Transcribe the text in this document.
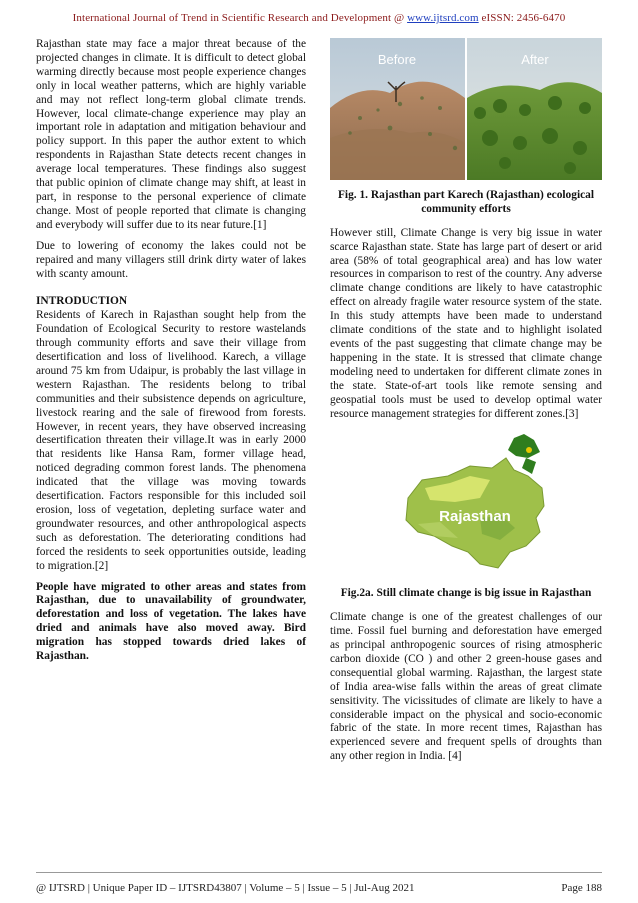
International Journal of Trend in Scientific Research and Development @ www.ijtsrd.com eISSN: 2456-6470

Rajasthan state may face a major threat because of the projected changes in climate. It is difficult to detect global warming directly because most people experience changes only in local weather patterns, which are highly variable and may not reflect long-term global climate trends. However, local climate-change experience may play an important role in adaptation and mitigation behaviour and policy support. In this paper the author extent to which respondents in Rajasthan State detects recent changes in average local temperatures. These findings also suggest that public opinion of climate change may shift, at least in part, in response to the personal experience of climate change. Most of people reported that climate is changing and everybody will suffer due to its near future.[1]

Due to lowering of economy the lakes could not be repaired and many villagers still drink dirty water of lakes with scanty amount.

INTRODUCTION

Residents of Karech in Rajasthan sought help from the Foundation of Ecological Security to restore wastelands through community efforts and save their village from desertification and loss of livelihood. Karech, a village around 75 km from Udaipur, is probably the last village in western Rajasthan. The residents belong to tribal communities and their subsistence depends on agriculture, livestock rearing and the sale of firewood from forests. However, in recent years, they have observed increasing desertification threaten their village.It was in early 2000 that residents like Hansa Ram, former village head, noticed degrading common forest lands. The phenomena indicated that the village was moving towards desertification. Factors responsible for this included soil erosion, loss of vegetation, depleting surface water and groundwater resources, and other anthropological aspects such as deforestation. The deteriorating conditions had forced the residents to seek opportunities outside, leading to migration.[2]

People have migrated to other areas and states from Rajasthan, due to unavailability of groundwater, deforestation and loss of vegetation. The lakes have dried and animals have also moved away. Bird migration has stopped towards dried lakes of Rajasthan.

Before	After
Fig. 1. Rajasthan part Karech (Rajasthan) ecological community efforts

However still, Climate Change is very big issue in water scarce Rajasthan state. State has large part of desert or arid area (58% of total geographical area) and has low water resources in comparison to rest of the country. Any adverse climate change conditions are likely to have catastrophic effect on already fragile water resource system of the state. In this study attempts have been made to understand climate conditions of the state and to highlight isolated events of the past suggesting that climate change may be happening in the state. It is stressed that climate change modeling need to undertaken for different climate zones in the state. State-of-art tools like remote sensing and geospatial tools must be used to develop optimal water resource management strategies for different zones.[3]

Rajasthan
Fig.2a. Still climate change is big issue in Rajasthan

Climate change is one of the greatest challenges of our time. Fossil fuel burning and deforestation have emerged as principal anthropogenic sources of rising atmospheric carbon dioxide (CO ) and other 2 green-house gases and consequential global warming. Rajasthan, the largest state of India area-wise falls within the areas of great climate sensitivity. The vicissitudes of climate are likely to have a considerable impact on the physical and socio-economic fabric of the state. In more recent times, Rajasthan has experienced severe and frequent spells of droughts than any other region in India. [4]

@ IJTSRD | Unique Paper ID – IJTSRD43807 | Volume – 5 | Issue – 5 | Jul-Aug 2021	Page 188
